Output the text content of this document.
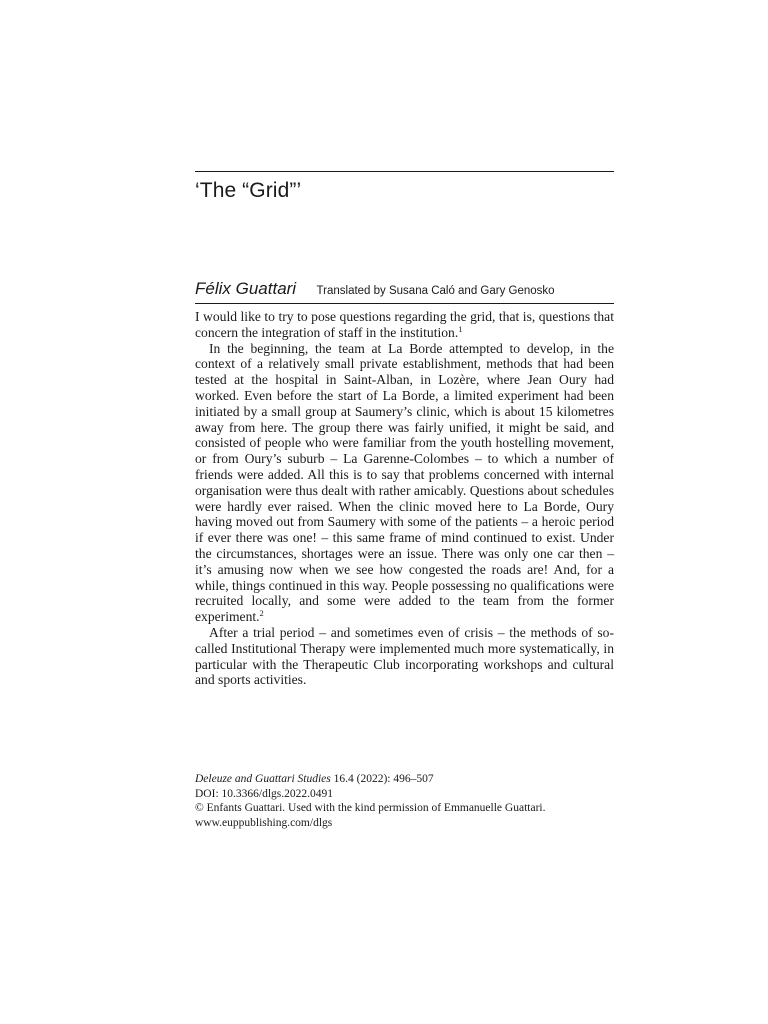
‘The “Grid”’
Félix Guattari Translated by Susana Caló and Gary Genosko

I would like to try to pose questions regarding the grid, that is, questions that concern the integration of staff in the institution.$^1$

In the beginning, the team at La Borde attempted to develop, in the context of a relatively small private establishment, methods that had been tested at the hospital in Saint-Alban, in Lozère, where Jean Oury had worked. Even before the start of La Borde, a limited experiment had been initiated by a small group at Saumery’s clinic, which is about 15 kilometres away from here. The group there was fairly unified, it might be said, and consisted of people who were familiar from the youth hostelling movement, or from Oury’s suburb – La Garenne-Colombes – to which a number of friends were added. All this is to say that problems concerned with internal organisation were thus dealt with rather amicably. Questions about schedules were hardly ever raised. When the clinic moved here to La Borde, Oury having moved out from Saumery with some of the patients – a heroic period if ever there was one! – this same frame of mind continued to exist. Under the circumstances, shortages were an issue. There was only one car then – it’s amusing now when we see how congested the roads are! And, for a while, things continued in this way. People possessing no qualifications were recruited locally, and some were added to the team from the former experiment.$^2$

After a trial period – and sometimes even of crisis – the methods of so-called Institutional Therapy were implemented much more systematically, in particular with the Therapeutic Club incorporating workshops and cultural and sports activities.

Deleuze and Guattari Studies 16.4 (2022): 496–507
DOI: 10.3366/dlgs.2022.0491
© Enfants Guattari. Used with the kind permission of Emmanuelle Guattari.
www.euppublishing.com/dlgs
